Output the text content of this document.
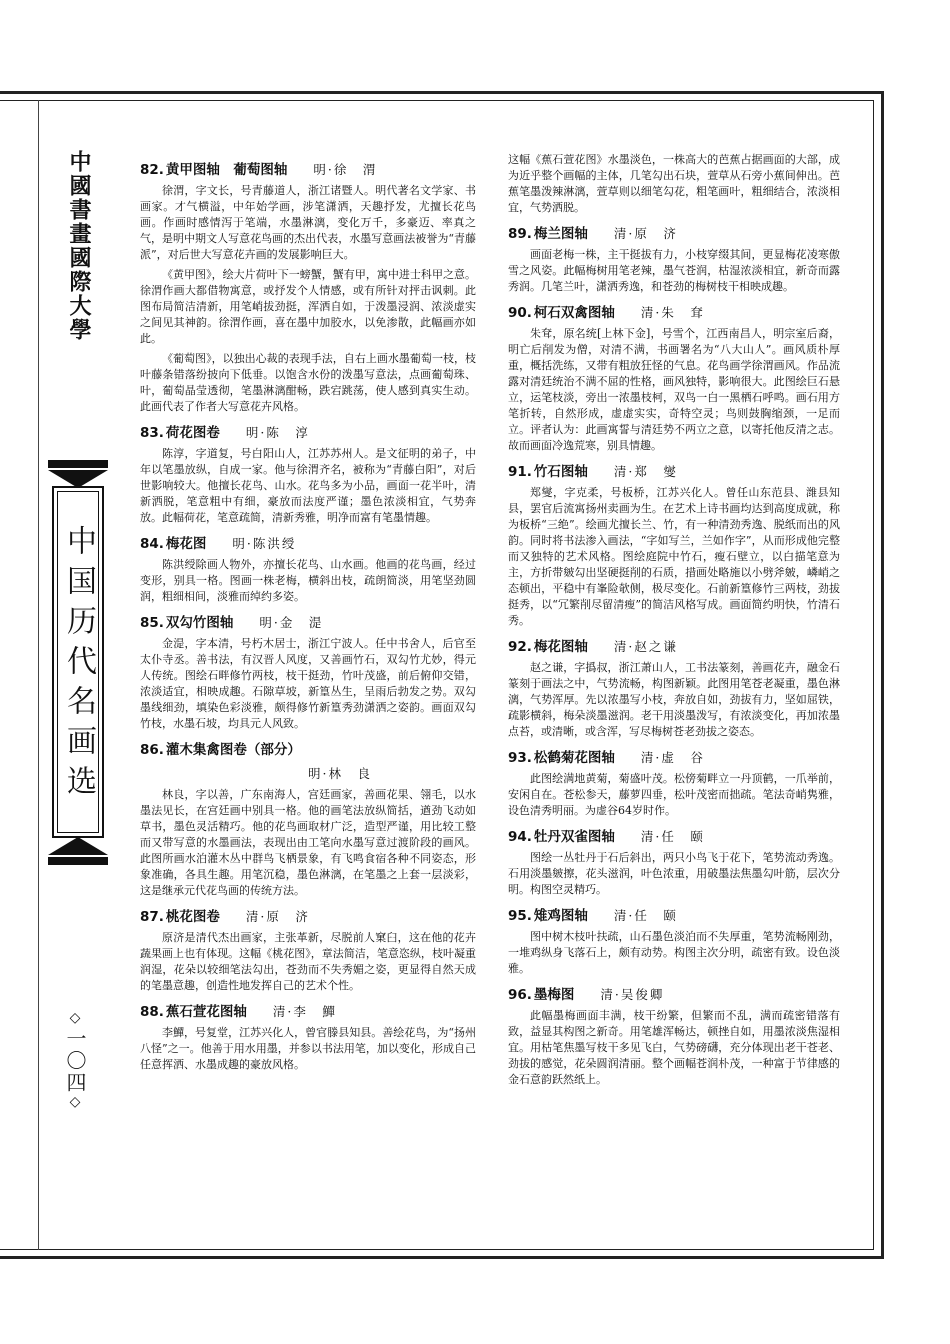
中國書畫國際大學
中国历代名画选
◇一〇四◇
82. 黄甲图轴　葡萄图轴 明·徐　渭

徐渭，字文长，号青藤道人，浙江诸暨人。明代著名文学家、书画家。才气横溢，中年始学画，涉笔潇洒，天趣抒发，尤擅长花鸟画。作画时感情泻于笔端，水墨淋漓，变化万千，多豪迈、率真之气，是明中期文人写意花鸟画的杰出代表，水墨写意画法被誉为“青藤派”，对后世大写意花卉画的发展影响巨大。

《黄甲图》，绘大片荷叶下一螃蟹，蟹有甲，寓中进士科甲之意。徐渭作画大都借物寓意，或抒发个人情感，或有所针对抨击讽刺。此图布局简洁清新，用笔峭拔劲挺，浑洒自如，于泼墨浸润、浓淡虚实之间见其神韵。徐渭作画，喜在墨中加胶水，以免渗散，此幅画亦如此。

《葡萄图》，以独出心裁的表现手法，自右上画水墨葡萄一枝，枝叶藤条错落纷披向下低垂。以饱含水份的泼墨写意法，点画葡萄珠、叶，葡萄晶莹透彻，笔墨淋漓酣畅，跌宕跳荡，使人感到真实生动。此画代表了作者大写意花卉风格。

83. 荷花图卷 明·陈　淳

陈淳，字道复，号白阳山人，江苏苏州人。是文征明的弟子，中年以笔墨放纵，自成一家。他与徐渭齐名，被称为“青藤白阳”，对后世影响较大。他擅长花鸟、山水。花鸟多为小品，画面一花半叶，清新洒脱，笔意粗中有细，豪放而法度严谨；墨色浓淡相宜，气势奔放。此幅荷花，笔意疏简，清新秀雅，明净而富有笔墨情趣。

84. 梅花图 明·陈洪绶

陈洪绶除画人物外，亦擅长花鸟、山水画。他画的花鸟画，经过变形，别具一格。图画一株老梅，横斜出枝，疏朗简淡，用笔坚劲圆润，粗细相间，淡雅而绰约多姿。

85. 双勾竹图轴 明·金　湜

金湜，字本清，号朽木居士，浙江宁波人。任中书舍人，后官至太仆寺丞。善书法，有汉晋人风度，又善画竹石，双勾竹尤妙，得元人传统。图绘石畔修竹两枝，枝干挺劲，竹叶茂盛，前后俯仰交错，浓淡适宜，相映成趣。石隙草坡，新篁丛生，呈雨后勃发之势。双勾墨线细劲，填染色彩淡雅，颇得修竹新篁秀劲潇洒之姿韵。画面双勾竹枝，水墨石坡，均具元人风致。

86. 灌木集禽图卷（部分）
明·林　良

林良，字以善，广东南海人，宫廷画家，善画花果、翎毛，以水墨法见长，在宫廷画中别具一格。他的画笔法放纵简括，遒劲飞动如草书，墨色灵活精巧。他的花鸟画取材广泛，造型严谨，用比较工整而又带写意的水墨画法，表现出由工笔向水墨写意过渡阶段的画风。此图所画水泊灌木丛中群鸟飞栖景象，有飞鸣食宿各种不同姿态，形象准确，各具生趣。用笔沉稳，墨色淋漓，在笔墨之上套一层淡彩，这是继承元代花鸟画的传统方法。

87. 桃花图卷 清·原　济

原济是清代杰出画家，主张革新，尽脱前人窠臼，这在他的花卉蔬果画上也有体现。这幅《桃花图》，章法简洁，笔意恣纵，枝叶凝重润湿，花朵以较细笔法勾出，苍劲而不失秀媚之姿，更显得自然天成的笔墨意趣，创造性地发挥自己的艺术个性。

88. 蕉石萱花图轴 清·李　鱓

李鱓，号复堂，江苏兴化人，曾官滕县知县。善绘花鸟，为“扬州八怪”之一。他善于用水用墨，并参以书法用笔，加以变化，形成自己任意挥洒、水墨成趣的豪放风格。

这幅《蕉石萱花图》水墨淡色，一株高大的芭蕉占据画面的大部，成为近乎整个画幅的主体，几笔勾出石块，萱草从石旁小蕉间伸出。芭蕉笔墨泼辣淋漓，萱草则以细笔勾花，粗笔画叶，粗细结合，浓淡相宜，气势洒脱。

89. 梅兰图轴 清·原　济

画面老梅一株，主干挺拔有力，小枝穿缀其间，更显梅花凌寒傲雪之风姿。此幅梅树用笔老辣，墨气苍润，枯湿浓淡相宜，新奇而露秀润。几笔兰叶，潇洒秀逸，和苍劲的梅树枝干相映成趣。

90. 柯石双禽图轴 清·朱　耷

朱耷，原名统[上林下金]，号雪个，江西南昌人，明宗室后裔，明亡后削发为僧，对清不满，书画署名为“八大山人”。画风质朴厚重，概括洗练，又带有粗放狂怪的气息。花鸟画学徐渭画风。作品流露对清廷统治不满不屈的性格，画风独特，影响很大。此图绘巨石悬立，运笔枝淡，旁出一浓墨枝柯，双鸟一白一黑栖石呼鸣。画石用方笔折转，自然形成，虚虚实实，奇特空灵；鸟则鼓胸缩颈，一足而立。评者认为：此画寓誓与清廷势不两立之意，以寄托他反清之志。故而画面冷逸荒寒，别具情趣。

91. 竹石图轴 清·郑　燮

郑燮，字克柔，号板桥，江苏兴化人。曾任山东范县、潍县知县，罢官后流寓扬州卖画为生。在艺术上诗书画均达到高度成就，称为板桥“三绝”。绘画尤擅长兰、竹，有一种清劲秀逸、脱纸而出的风韵。同时将书法渗入画法，“字如写兰，兰如作字”，从而形成他完整而又独特的艺术风格。图绘庭院中竹石，瘦石壁立，以白描笔意为主，方折带皴勾出坚硬挺削的石质，措画处略施以小劈斧皴，嶙峭之态顿出，平稳中有峯险欹侧，极尽变化。石前新篁修竹三两枝，劲拔挺秀，以“冗繁削尽留清瘦”的简洁风格写成。画面简约明快，竹清石秀。

92. 梅花图轴 清·赵之谦

赵之谦，字撝叔，浙江萧山人，工书法篆刻，善画花卉，融金石篆刻于画法之中，气势流畅，构图新颖。此图用笔苍老凝重，墨色淋漓，气势浑厚。先以浓墨写小枝，奔放自如，劲拔有力，坚如屈铁，疏影横斜，梅朵淡墨滋润。老干用淡墨泼写，有浓淡变化，再加浓墨点苔，或清晰，或含浑，写尽梅树苍老劲拔之姿态。

93. 松鹤菊花图轴 清·虚　谷

此图绘满地黄菊，菊盛叶茂。松傍菊畔立一丹顶鹤，一爪举前，安闲自在。苍松参天，藤萝四垂，松叶茂密而拙疏。笔法奇峭隽雅，设色清秀明丽。为虚谷64岁时作。

94. 牡丹双雀图轴 清·任　颐

图绘一丛牡丹于石后斜出，两只小鸟飞于花下，笔势流动秀逸。石用淡墨皴擦，花头滋润，叶色浓重，用破墨法焦墨勾叶筋，层次分明。构图空灵精巧。

95. 雉鸡图轴 清·任　颐

图中树木枝叶扶疏，山石墨色淡泊而不失厚重，笔势流畅刚劲，一堆鸡纵身飞落石上，颇有动势。构图主次分明，疏密有致。设色淡雅。

96. 墨梅图 清·吴俊卿

此幅墨梅画面丰满，枝干纷繁，但繁而不乱，满而疏密错落有致，益显其构图之新奇。用笔雄浑畅达，顿挫自如，用墨浓淡焦湿相宜。用枯笔焦墨写枝干多见飞白，气势磅礴，充分体现出老干苍老、劲拔的感觉，花朵圆润清丽。整个画幅苍润朴茂，一种富于节律感的金石意韵跃然纸上。
